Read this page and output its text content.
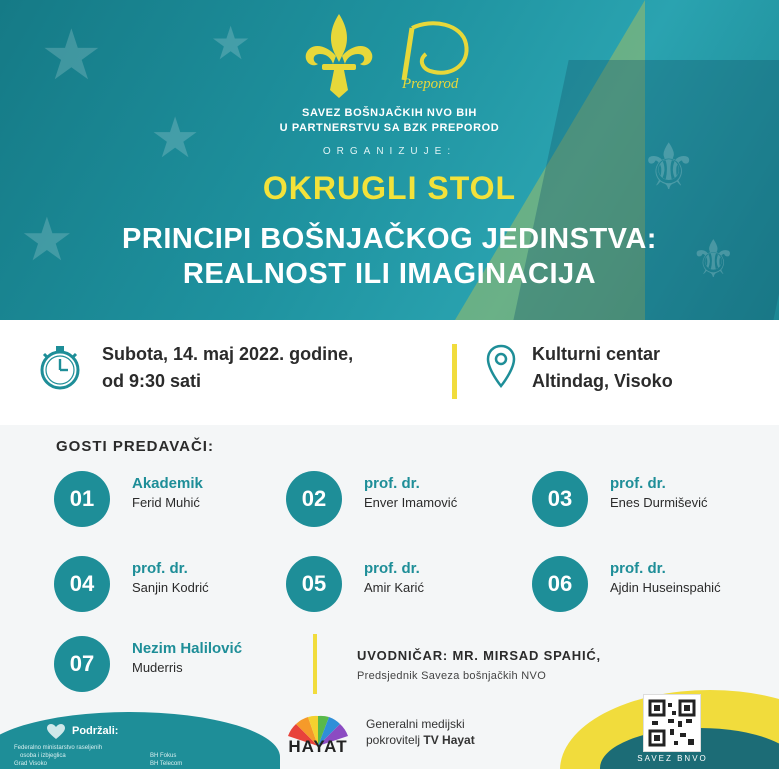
★
★
★
★
⚜
⚜
Preporod
SAVEZ BOŠNJAČKIH NVO BIH
U PARTNERSTVU SA BZK PREPOROD
ORGANIZUJE:
OKRUGLI STOL
PRINCIPI BOŠNJAČKOG JEDINSTVA:
REALNOST ILI IMAGINACIJA
Subota, 14. maj 2022. godine,
od 9:30 sati
Kulturni centar
Altindag, Visoko
GOSTI PREDAVAČI:
01
Akademik
Ferid Muhić	02
prof. dr.
Enver Imamović	03
prof. dr.
Enes Durmišević
04
prof. dr.
Sanjin Kodrić	05
prof. dr.
Amir Karić	06
prof. dr.
Ajdin Huseinspahić
07
Nezim Halilović
Muderris
UVODNIČAR: MR. MIRSAD SPAHIĆ,
Predsjednik Saveza bošnjačkih NVO
Podržali:
Federalno ministarstvo raseljenih
osoba i izbjeglica
Grad Visoko
BH Fokus
BH Telecom
HAYAT
Generalni medijski
pokrovitelj TV Hayat
SAVEZ BNVO
